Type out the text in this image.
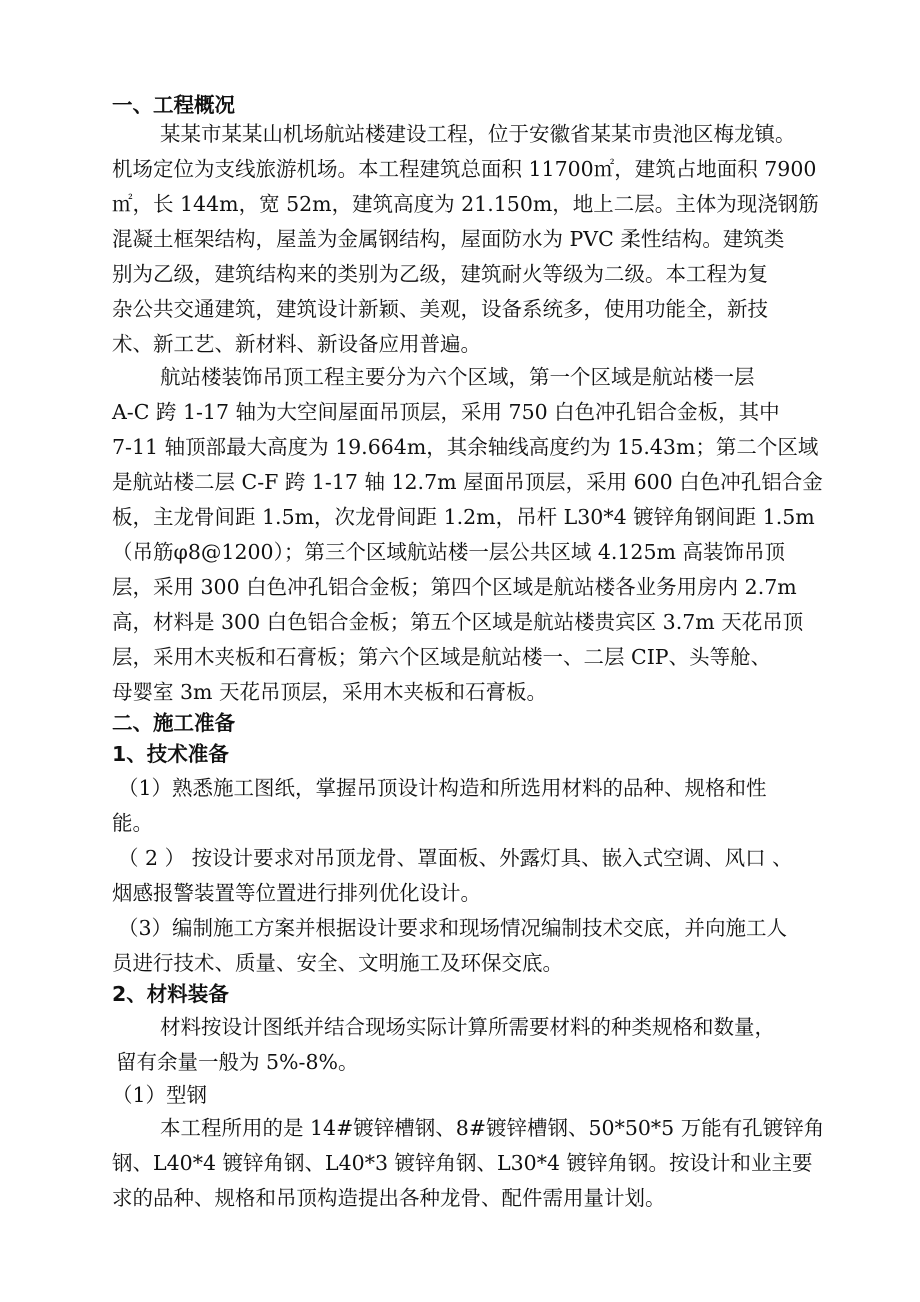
一、工程概况
某某市某某山机场航站楼建设工程，位于安徽省某某市贵池区梅龙镇。
机场定位为支线旅游机场。本工程建筑总面积 11700㎡，建筑占地面积 7900
㎡，长 144m，宽 52m，建筑高度为 21.150m，地上二层。主体为现浇钢筋
混凝土框架结构，屋盖为金属钢结构，屋面防水为 PVC 柔性结构。建筑类
别为乙级，建筑结构来的类别为乙级，建筑耐火等级为二级。本工程为复
杂公共交通建筑，建筑设计新颖、美观，设备系统多，使用功能全，新技
术、新工艺、新材料、新设备应用普遍。
航站楼装饰吊顶工程主要分为六个区域，第一个区域是航站楼一层
A-C 跨 1-17 轴为大空间屋面吊顶层，采用 750 白色冲孔铝合金板，其中
7-11 轴顶部最大高度为 19.664m，其余轴线高度约为 15.43m；第二个区域
是航站楼二层 C-F 跨 1-17 轴 12.7m 屋面吊顶层，采用 600 白色冲孔铝合金
板，主龙骨间距 1.5m，次龙骨间距 1.2m，吊杆 L30*4 镀锌角钢间距 1.5m
（吊筋φ8@1200）；第三个区域航站楼一层公共区域 4.125m 高装饰吊顶
层，采用 300 白色冲孔铝合金板；第四个区域是航站楼各业务用房内 2.7m
高，材料是 300 白色铝合金板；第五个区域是航站楼贵宾区 3.7m 天花吊顶
层，采用木夹板和石膏板；第六个区域是航站楼一、二层 CIP、头等舱、
母婴室 3m 天花吊顶层，采用木夹板和石膏板。
二、施工准备
1、技术准备
（1）熟悉施工图纸，掌握吊顶设计构造和所选用材料的品种、规格和性
能。
（ 2 ） 按设计要求对吊顶龙骨、罩面板、外露灯具、嵌入式空调、风口 、
烟感报警装置等位置进行排列优化设计。
（3）编制施工方案并根据设计要求和现场情况编制技术交底，并向施工人
员进行技术、质量、安全、文明施工及环保交底。
2、材料装备
材料按设计图纸并结合现场实际计算所需要材料的种类规格和数量，
留有余量一般为 5%-8%。
（1）型钢
本工程所用的是 14#镀锌槽钢、8#镀锌槽钢、50*50*5 万能有孔镀锌角
钢、L40*4 镀锌角钢、L40*3 镀锌角钢、L30*4 镀锌角钢。按设计和业主要
求的品种、规格和吊顶构造提出各种龙骨、配件需用量计划。
